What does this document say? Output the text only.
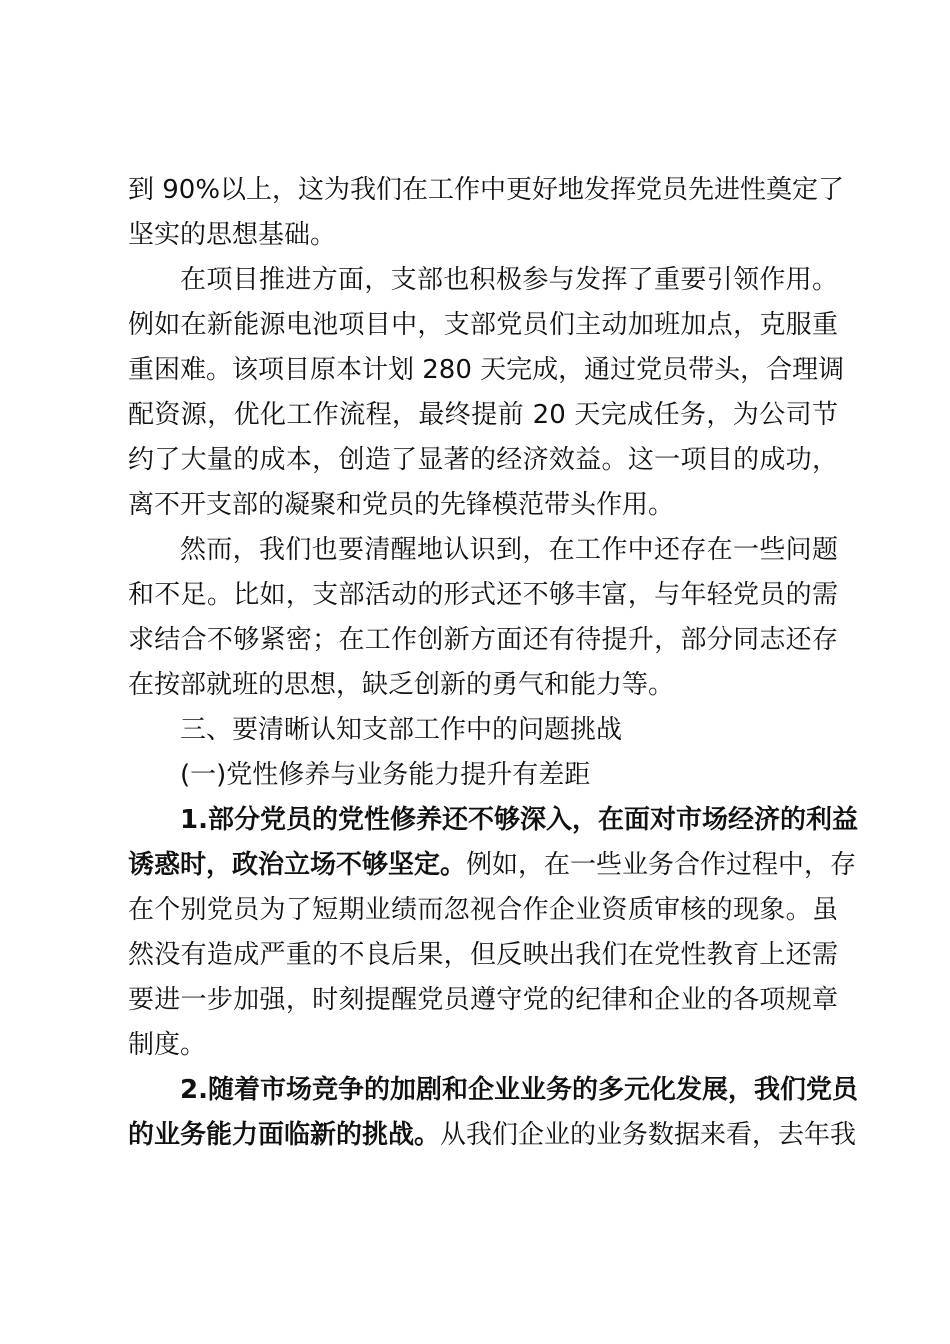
到 90%以上，这为我们在工作中更好地发挥党员先进性奠定了
坚实的思想基础。
在项目推进方面，支部也积极参与发挥了重要引领作用。
例如在新能源电池项目中，支部党员们主动加班加点，克服重
重困难。该项目原本计划 280 天完成，通过党员带头，合理调
配资源，优化工作流程，最终提前 20 天完成任务，为公司节
约了大量的成本，创造了显著的经济效益。这一项目的成功，
离不开支部的凝聚和党员的先锋模范带头作用。
然而，我们也要清醒地认识到，在工作中还存在一些问题
和不足。比如，支部活动的形式还不够丰富，与年轻党员的需
求结合不够紧密；在工作创新方面还有待提升，部分同志还存
在按部就班的思想，缺乏创新的勇气和能力等。
三、要清晰认知支部工作中的问题挑战
(一)党性修养与业务能力提升有差距
1.部分党员的党性修养还不够深入，在面对市场经济的利益
诱惑时，政治立场不够坚定。例如，在一些业务合作过程中，存
在个别党员为了短期业绩而忽视合作企业资质审核的现象。虽
然没有造成严重的不良后果，但反映出我们在党性教育上还需
要进一步加强，时刻提醒党员遵守党的纪律和企业的各项规章
制度。
2.随着市场竞争的加剧和企业业务的多元化发展，我们党员
的业务能力面临新的挑战。从我们企业的业务数据来看，去年我
